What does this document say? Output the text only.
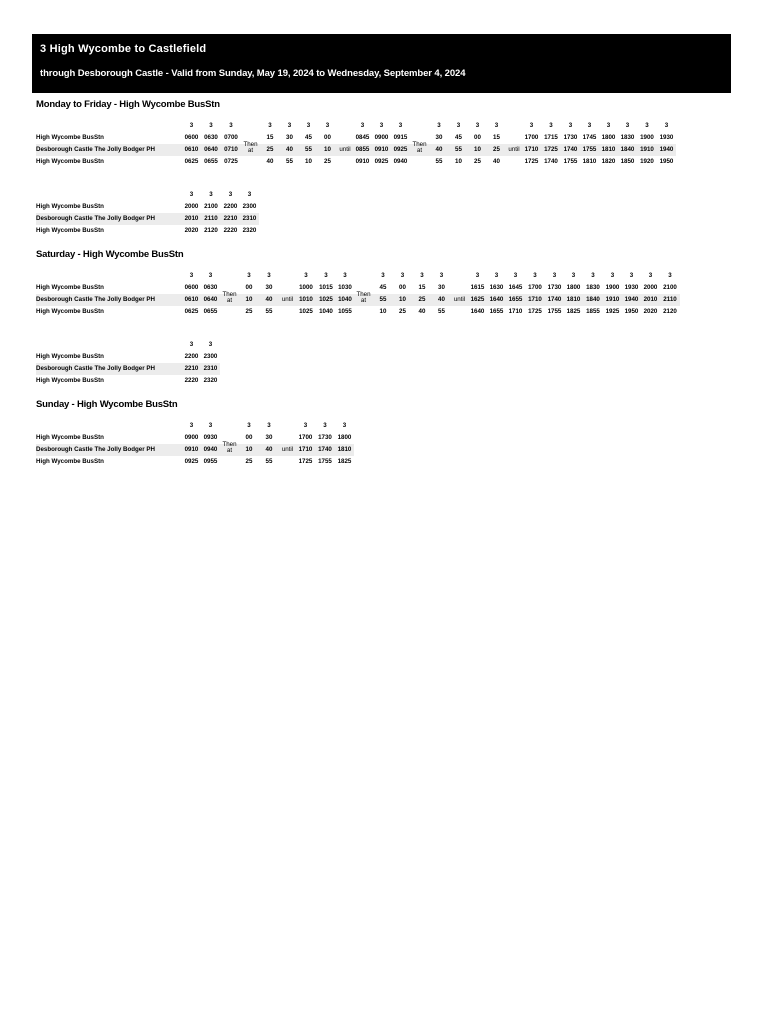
3 High Wycombe to Castlefield
through Desborough Castle - Valid from Sunday, May 19, 2024 to Wednesday, September 4, 2024
Monday to Friday - High Wycombe BusStn
	3	3	3		3	3	3	3		3	3	3		3	3	3	3		3	3	3	3	3	3	3	3
High Wycombe BusStn	0600	0630	0700	Then at	15	30	45	00	until	0845	0900	0915	Then at	30	45	00	15	until	1700	1715	1730	1745	1800	1830	1900	1930
Desborough Castle The Jolly Bodger PH	0610	0640	0710		25	40	55	10		0855	0910	0925		40	55	10	25		1710	1725	1740	1755	1810	1840	1910	1940
High Wycombe BusStn	0625	0655	0725		40	55	10	25		0910	0925	0940		55	10	25	40		1725	1740	1755	1810	1820	1850	1920	1950
	3	3	3	3
High Wycombe BusStn	2000	2100	2200	2300
Desborough Castle The Jolly Bodger PH	2010	2110	2210	2310
High Wycombe BusStn	2020	2120	2220	2320
Saturday - High Wycombe BusStn
	3	3		3	3		3	3	3		3	3	3	3		3	3	3	3	3	3	3	3	3	3	3
High Wycombe BusStn	0600	0630	Then at	00	30	until	1000	1015	1030	Then at	45	00	15	30	until	1615	1630	1645	1700	1730	1800	1830	1900	1930	2000	2100
Desborough Castle The Jolly Bodger PH	0610	0640		10	40		1010	1025	1040		55	10	25	40		1625	1640	1655	1710	1740	1810	1840	1910	1940	2010	2110
High Wycombe BusStn	0625	0655		25	55		1025	1040	1055		10	25	40	55		1640	1655	1710	1725	1755	1825	1855	1925	1950	2020	2120
	3	3
High Wycombe BusStn	2200	2300
Desborough Castle The Jolly Bodger PH	2210	2310
High Wycombe BusStn	2220	2320
Sunday - High Wycombe BusStn
	3	3		3	3		3	3	3
High Wycombe BusStn	0900	0930	Then at	00	30	until	1700	1730	1800
Desborough Castle The Jolly Bodger PH	0910	0940		10	40		1710	1740	1810
High Wycombe BusStn	0925	0955		25	55		1725	1755	1825
